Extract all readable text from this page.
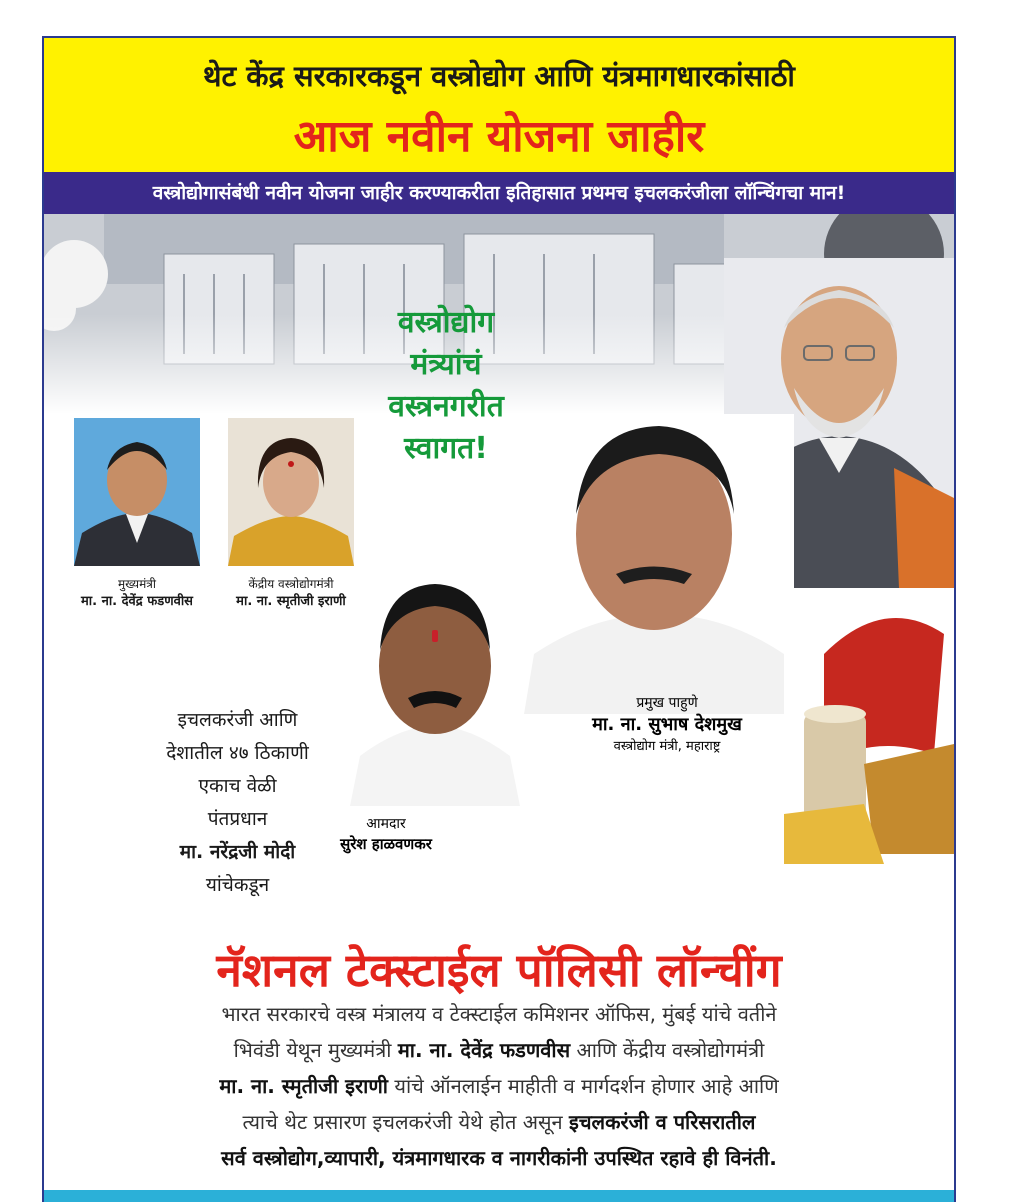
थेट केंद्र सरकारकडून वस्त्रोद्योग आणि यंत्रमागधारकांसाठी
आज नवीन योजना जाहीर
वस्त्रोद्योगासंबंधी नवीन योजना जाहीर करण्याकरीता इतिहासात प्रथमच इचलकरंजीला लॉन्चिंगचा मान!
वस्त्रोद्योग
मंत्र्यांचं
वस्त्रनगरीत
स्वागत!
मुख्यमंत्री
मा. ना. देवेंद्र फडणवीस
केंद्रीय वस्त्रोद्योगमंत्री
मा. ना. स्मृतीजी इराणी
प्रमुख पाहुणे
मा. ना. सुभाष देशमुख
वस्त्रोद्योग मंत्री, महाराष्ट्र
आमदार
सुरेश हाळवणकर
इचलकरंजी आणि
देशातील ४७ ठिकाणी
एकाच वेळी
पंतप्रधान
मा. नरेंद्रजी मोदी
यांचेकडून
नॅशनल टेक्स्टाईल पॉलिसी लॉन्चींग
भारत सरकारचे वस्त्र मंत्रालय व टेक्स्टाईल कमिशनर ऑफिस, मुंबई यांचे वतीने
भिवंडी येथून मुख्यमंत्री मा. ना. देवेंद्र फडणवीस आणि केंद्रीय वस्त्रोद्योगमंत्री
मा. ना. स्मृतीजी इराणी यांचे ऑनलाईन माहीती व मार्गदर्शन होणार आहे आणि
त्याचे थेट प्रसारण इचलकरंजी येथे होत असून इचलकरंजी व परिसरातील
सर्व वस्त्रोद्योग,व्यापारी, यंत्रमागधारक व नागरीकांनी उपस्थित रहावे ही विनंती.
